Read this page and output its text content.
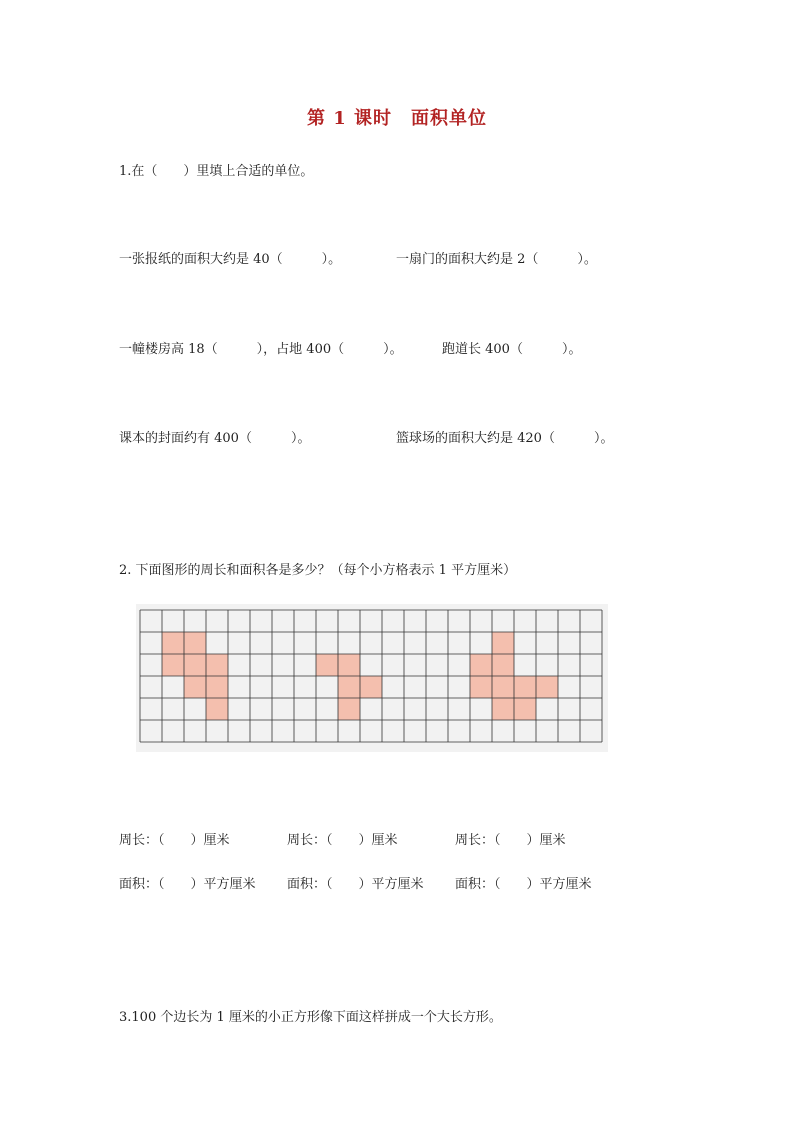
第 1 课时　面积单位
1.在（　　）里填上合适的单位。
一张报纸的面积大约是 40（　　　）。	一扇门的面积大约是 2（　　　）。
一幢楼房高 18（　　　），占地 400（　　　）。	跑道长 400（　　　）。
课本的封面约有 400（　　　）。	篮球场的面积大约是 420（　　　）。
2. 下面图形的周长和面积各是多少？（每个小方格表示 1 平方厘米）
周长：（　　）厘米	周长：（　　）厘米	周长：（　　）厘米
面积：（　　）平方厘米 面积：（　　）平方厘米 面积：（　　）平方厘米
3.100 个边长为 1 厘米的小正方形像下面这样拼成一个大长方形。
